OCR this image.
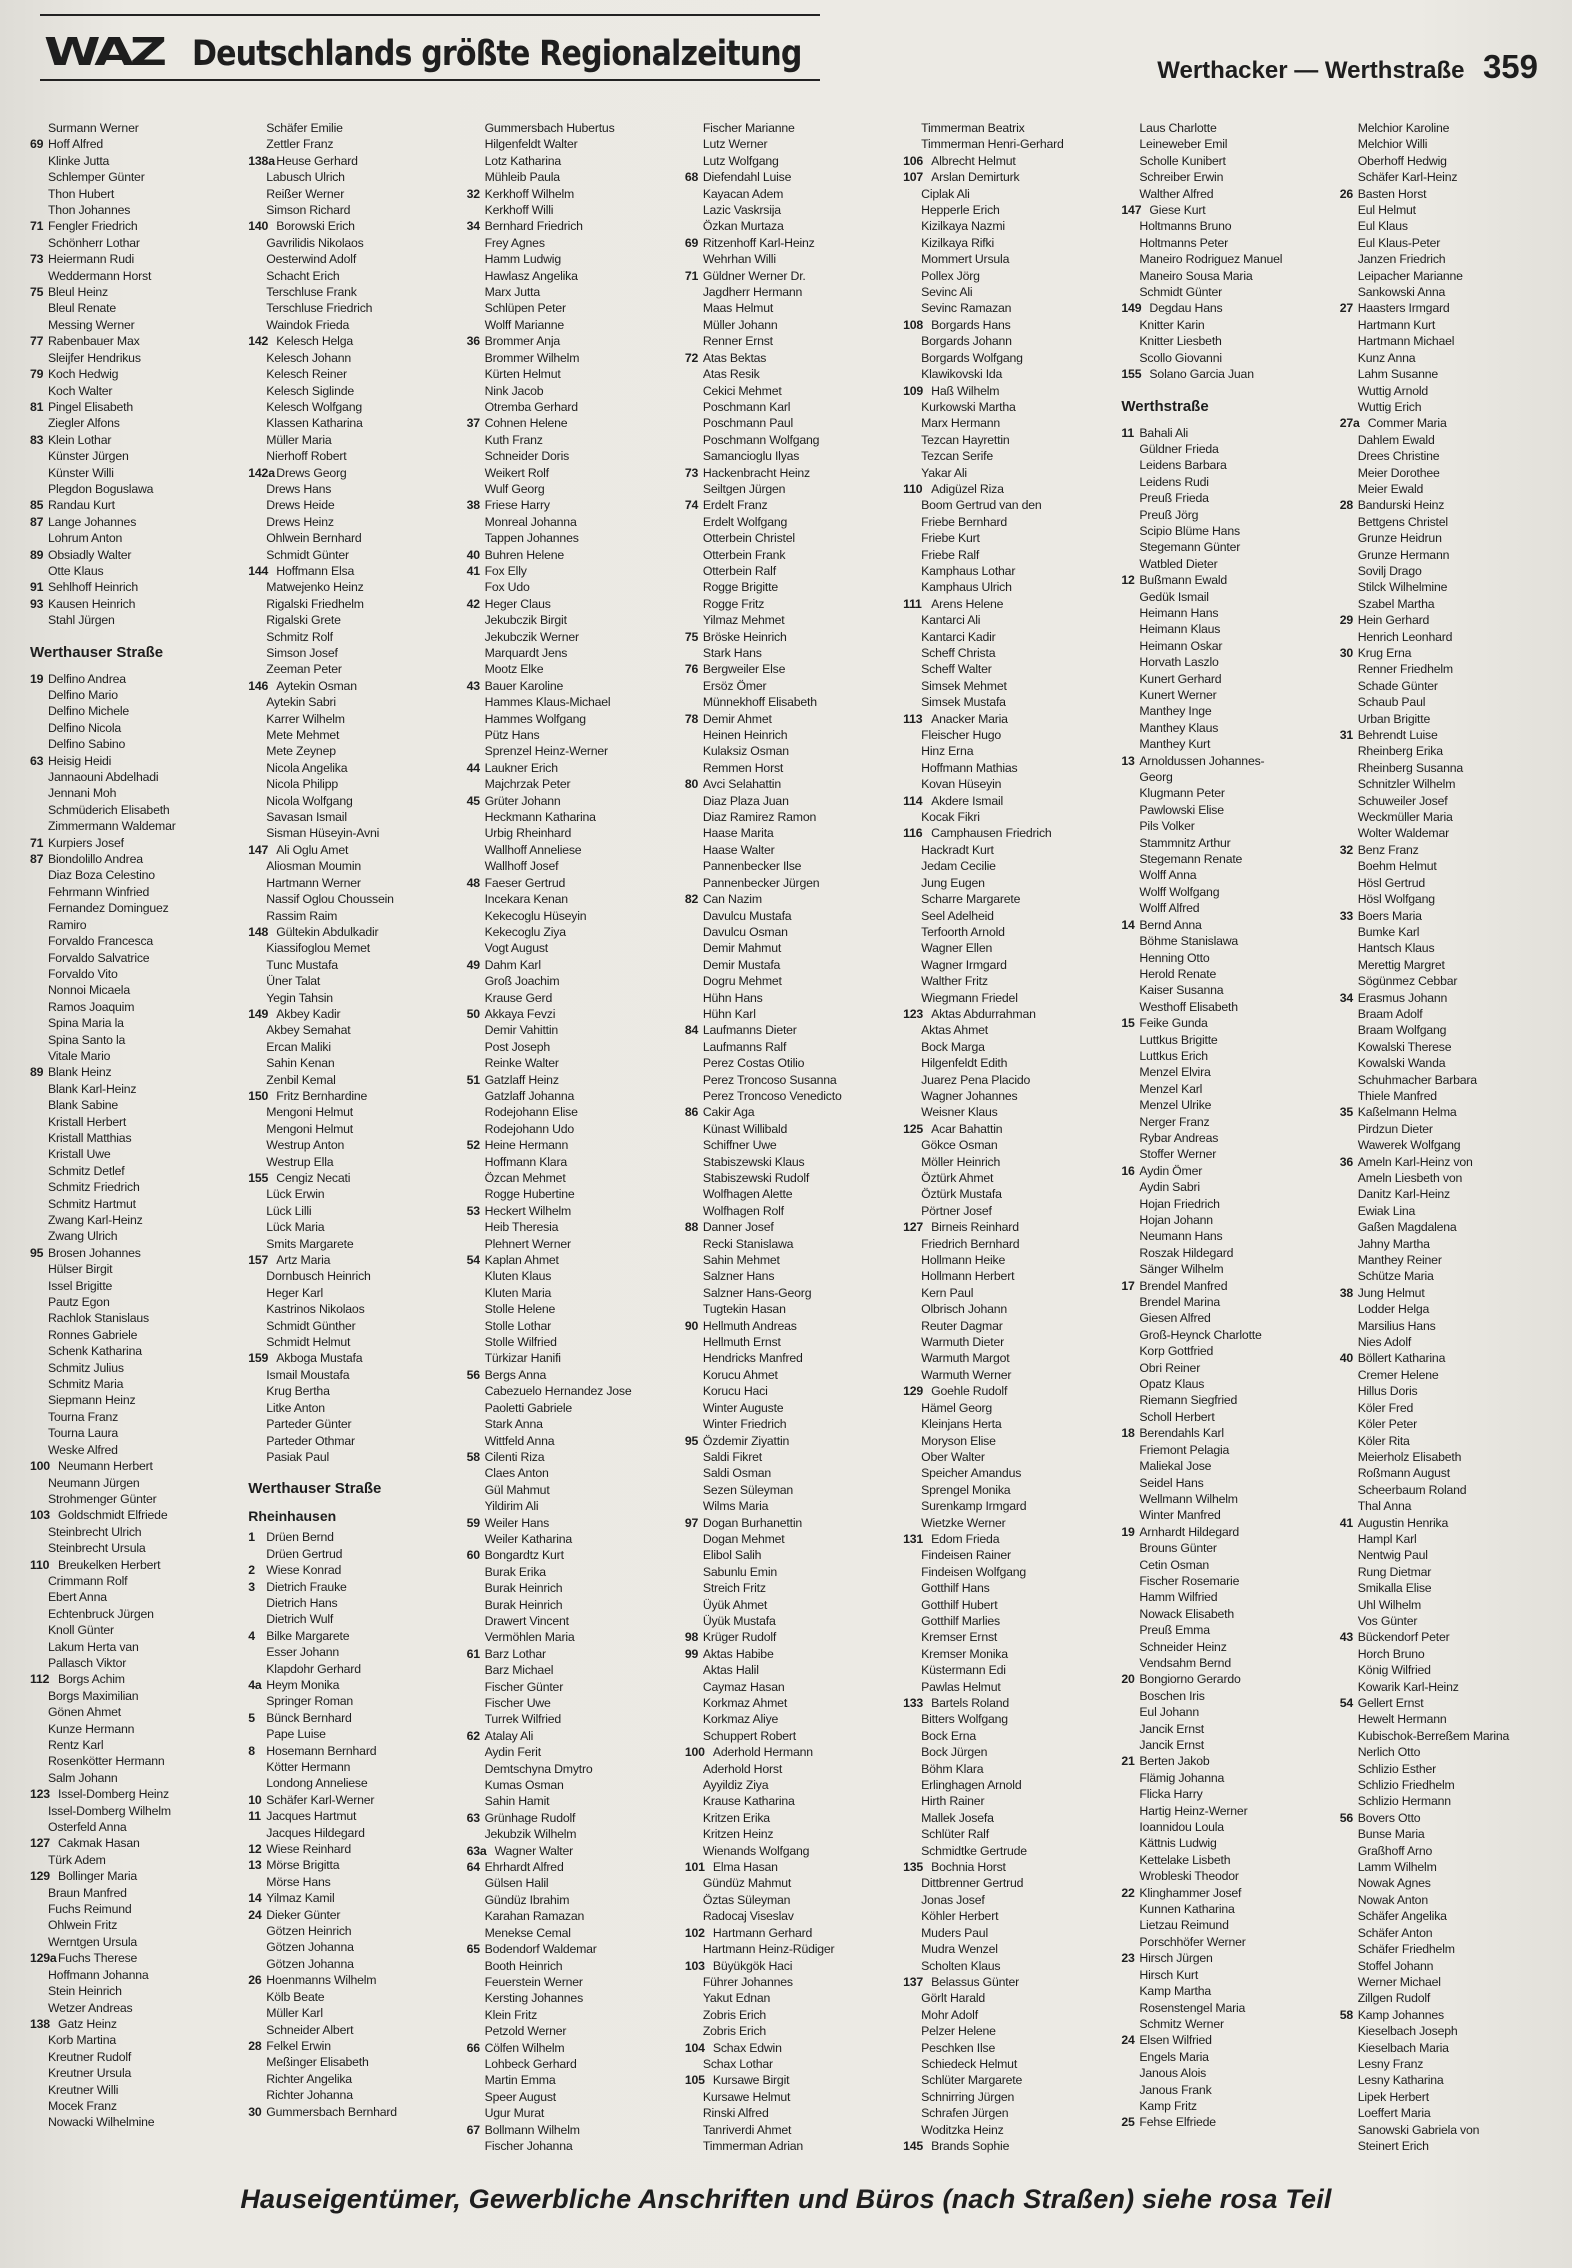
WAZ Deutschlands größte Regionalzeitung	Werthacker — Werthstraße 359
Surmann Werner
69 Hoff Alfred
Klinke Jutta
Schlemper Günter
Thon Hubert
Thon Johannes
71 Fengler Friedrich
Schönherr Lothar
73 Heiermann Rudi
Weddermann Horst
75 Bleul Heinz
Bleul Renate
Messing Werner
77 Rabenbauer Max
Sleijfer Hendrikus
79 Koch Hedwig
Koch Walter
81 Pingel Elisabeth
Ziegler Alfons
83 Klein Lothar
Künster Jürgen
Künster Willi
Plegdon Boguslawa
85 Randau Kurt
87 Lange Johannes
Lohrum Anton
89 Obsiadly Walter
Otte Klaus
91 Sehlhoff Heinrich
93 Kausen Heinrich
Stahl Jürgen
Werthauser Straße
19 Delfino Andrea
Delfino Mario
Delfino Michele
Delfino Nicola
Delfino Sabino
63 Heisig Heidi
Jannaouni Abdelhadi
Jennani Moh
Schmüderich Elisabeth
Zimmermann Waldemar
71 Kurpiers Josef
87 Biondolillo Andrea
Diaz Boza Celestino
Fehrmann Winfried
Fernandez Dominguez
Ramiro
Forvaldo Francesca
Forvaldo Salvatrice
Forvaldo Vito
Nonnoi Micaela
Ramos Joaquim
Spina Maria la
Spina Santo la
Vitale Mario
89 Blank Heinz
Blank Karl-Heinz
Blank Sabine
Kristall Herbert
Kristall Matthias
Kristall Uwe
Schmitz Detlef
Schmitz Friedrich
Schmitz Hartmut
Zwang Karl-Heinz
Zwang Ulrich
95 Brosen Johannes
Hülser Birgit
Issel Brigitte
Pautz Egon
Rachlok Stanislaus
Ronnes Gabriele
Schenk Katharina
Schmitz Julius
Schmitz Maria
Siepmann Heinz
Tourna Franz
Tourna Laura
Weske Alfred
100 Neumann Herbert
Neumann Jürgen
Strohmenger Günter
103 Goldschmidt Elfriede
Steinbrecht Ulrich
Steinbrecht Ursula
110 Breukelken Herbert
Crimmann Rolf
Ebert Anna
Echtenbruck Jürgen
Knoll Günter
Lakum Herta van
Pallasch Viktor
112 Borgs Achim
Borgs Maximilian
Gönen Ahmet
Kunze Hermann
Rentz Karl
Rosenkötter Hermann
Salm Johann
123 Issel-Domberg Heinz
Issel-Domberg Wilhelm
Osterfeld Anna
127 Cakmak Hasan
Türk Adem
129 Bollinger Maria
Braun Manfred
Fuchs Reimund
Ohlwein Fritz
Werntgen Ursula
129aFuchs Therese
Hoffmann Johanna
Stein Heinrich
Wetzer Andreas
138 Gatz Heinz
Korb Martina
Kreutner Rudolf
Kreutner Ursula
Kreutner Willi
Mocek Franz
Nowacki Wilhelmine
Schäfer Emilie
Zettler Franz
138aHeuse Gerhard
Labusch Ulrich
Reißer Werner
Simson Richard
140 Borowski Erich
Gavrilidis Nikolaos
Oesterwind Adolf
Schacht Erich
Terschluse Frank
Terschluse Friedrich
Waindok Frieda
142 Kelesch Helga
Kelesch Johann
Kelesch Reiner
Kelesch Siglinde
Kelesch Wolfgang
Klassen Katharina
Müller Maria
Nierhoff Robert
142aDrews Georg
Drews Hans
Drews Heide
Drews Heinz
Ohlwein Bernhard
Schmidt Günter
144 Hoffmann Elsa
Matwejenko Heinz
Rigalski Friedhelm
Rigalski Grete
Schmitz Rolf
Simson Josef
Zeeman Peter
146 Aytekin Osman
Aytekin Sabri
Karrer Wilhelm
Mete Mehmet
Mete Zeynep
Nicola Angelika
Nicola Philipp
Nicola Wolfgang
Savasan Ismail
Sisman Hüseyin-Avni
147 Ali Oglu Amet
Aliosman Moumin
Hartmann Werner
Nassif Oglou Choussein
Rassim Raim
148 Gültekin Abdulkadir
Kiassifoglou Memet
Tunc Mustafa
Üner Talat
Yegin Tahsin
149 Akbey Kadir
Akbey Semahat
Ercan Maliki
Sahin Kenan
Zenbil Kemal
150 Fritz Bernhardine
Mengoni Helmut
Mengoni Helmut
Westrup Anton
Westrup Ella
155 Cengiz Necati
Lück Erwin
Lück Lilli
Lück Maria
Smits Margarete
157 Artz Maria
Dornbusch Heinrich
Heger Karl
Kastrinos Nikolaos
Schmidt Günther
Schmidt Helmut
159 Akboga Mustafa
Ismail Moustafa
Krug Bertha
Litke Anton
Parteder Günter
Parteder Othmar
Pasiak Paul
Werthauser Straße
Rheinhausen
1 Drüen Bernd
Drüen Gertrud
2 Wiese Konrad
3 Dietrich Frauke
Dietrich Hans
Dietrich Wulf
4 Bilke Margarete
Esser Johann
Klapdohr Gerhard
4a Heym Monika
Springer Roman
5 Bünck Bernhard
Pape Luise
8 Hosemann Bernhard
Kötter Hermann
Londong Anneliese
10 Schäfer Karl-Werner
11 Jacques Hartmut
Jacques Hildegard
12 Wiese Reinhard
13 Mörse Brigitta
Mörse Hans
14 Yilmaz Kamil
24 Dieker Günter
Götzen Heinrich
Götzen Johanna
Götzen Johanna
26 Hoenmanns Wilhelm
Kölb Beate
Müller Karl
Schneider Albert
28 Felkel Erwin
Meßinger Elisabeth
Richter Angelika
Richter Johanna
30 Gummersbach Bernhard
Gummersbach Hubertus
Hilgenfeldt Walter
Lotz Katharina
Mühleib Paula
32 Kerkhoff Wilhelm
Kerkhoff Willi
34 Bernhard Friedrich
Frey Agnes
Hamm Ludwig
Hawlasz Angelika
Marx Jutta
Schlüpen Peter
Wolff Marianne
36 Brommer Anja
Brommer Wilhelm
Kürten Helmut
Nink Jacob
Otremba Gerhard
37 Cohnen Helene
Kuth Franz
Schneider Doris
Weikert Rolf
Wulf Georg
38 Friese Harry
Monreal Johanna
Tappen Johannes
40 Buhren Helene
41 Fox Elly
Fox Udo
42 Heger Claus
Jekubczik Birgit
Jekubczik Werner
Marquardt Jens
Mootz Elke
43 Bauer Karoline
Hammes Klaus-Michael
Hammes Wolfgang
Pütz Hans
Sprenzel Heinz-Werner
44 Laukner Erich
Majchrzak Peter
45 Grüter Johann
Heckmann Katharina
Urbig Rheinhard
Wallhoff Anneliese
Wallhoff Josef
48 Faeser Gertrud
Incekara Kenan
Kekecoglu Hüseyin
Kekecoglu Ziya
Vogt August
49 Dahm Karl
Groß Joachim
Krause Gerd
50 Akkaya Fevzi
Demir Vahittin
Post Joseph
Reinke Walter
51 Gatzlaff Heinz
Gatzlaff Johanna
Rodejohann Elise
Rodejohann Udo
52 Heine Hermann
Hoffmann Klara
Özcan Mehmet
Rogge Hubertine
53 Heckert Wilhelm
Heib Theresia
Plehnert Werner
54 Kaplan Ahmet
Kluten Klaus
Kluten Maria
Stolle Helene
Stolle Lothar
Stolle Wilfried
Türkizar Hanifi
56 Bergs Anna
Cabezuelo Hernandez Jose
Paoletti Gabriele
Stark Anna
Wittfeld Anna
58 Cilenti Riza
Claes Anton
Gül Mahmut
Yildirim Ali
59 Weiler Hans
Weiler Katharina
60 Bongardtz Kurt
Burak Erika
Burak Heinrich
Burak Heinrich
Drawert Vincent
Vermöhlen Maria
61 Barz Lothar
Barz Michael
Fischer Günter
Fischer Uwe
Turrek Wilfried
62 Atalay Ali
Aydin Ferit
Demtschyna Dmytro
Kumas Osman
Sahin Hamit
63 Grünhage Rudolf
Jekubzik Wilhelm
63a Wagner Walter
64 Ehrhardt Alfred
Gülsen Halil
Gündüz Ibrahim
Karahan Ramazan
Menekse Cemal
65 Bodendorf Waldemar
Booth Heinrich
Feuerstein Werner
Kersting Johannes
Klein Fritz
Petzold Werner
66 Cölfen Wilhelm
Lohbeck Gerhard
Martin Emma
Speer August
Ugur Murat
67 Bollmann Wilhelm
Fischer Johanna
Fischer Marianne
Lutz Werner
Lutz Wolfgang
68 Diefendahl Luise
Kayacan Adem
Lazic Vaskrsija
Özkan Murtaza
69 Ritzenhoff Karl-Heinz
Wehrhan Willi
71 Güldner Werner Dr.
Jagdherr Hermann
Maas Helmut
Müller Johann
Renner Ernst
72 Atas Bektas
Atas Resik
Cekici Mehmet
Poschmann Karl
Poschmann Paul
Poschmann Wolfgang
Samancioglu Ilyas
73 Hackenbracht Heinz
Seiltgen Jürgen
74 Erdelt Franz
Erdelt Wolfgang
Otterbein Christel
Otterbein Frank
Otterbein Ralf
Rogge Brigitte
Rogge Fritz
Yilmaz Mehmet
75 Bröske Heinrich
Stark Hans
76 Bergweiler Else
Ersöz Ömer
Münnekhoff Elisabeth
78 Demir Ahmet
Heinen Heinrich
Kulaksiz Osman
Remmen Horst
80 Avci Selahattin
Diaz Plaza Juan
Diaz Ramirez Ramon
Haase Marita
Haase Walter
Pannenbecker Ilse
Pannenbecker Jürgen
82 Can Nazim
Davulcu Mustafa
Davulcu Osman
Demir Mahmut
Demir Mustafa
Dogru Mehmet
Hühn Hans
Hühn Karl
84 Laufmanns Dieter
Laufmanns Ralf
Perez Costas Otilio
Perez Troncoso Susanna
Perez Troncoso Venedicto
86 Cakir Aga
Künast Willibald
Schiffner Uwe
Stabiszewski Klaus
Stabiszewski Rudolf
Wolfhagen Alette
Wolfhagen Rolf
88 Danner Josef
Recki Stanislawa
Sahin Mehmet
Salzner Hans
Salzner Hans-Georg
Tugtekin Hasan
90 Hellmuth Andreas
Hellmuth Ernst
Hendricks Manfred
Korucu Ahmet
Korucu Haci
Winter Auguste
Winter Friedrich
95 Özdemir Ziyattin
Saldi Fikret
Saldi Osman
Sezen Süleyman
Wilms Maria
97 Dogan Burhanettin
Dogan Mehmet
Elibol Salih
Sabunlu Emin
Streich Fritz
Üyük Ahmet
Üyük Mustafa
98 Krüger Rudolf
99 Aktas Habibe
Aktas Halil
Caymaz Hasan
Korkmaz Ahmet
Korkmaz Aliye
Schuppert Robert
100 Aderhold Hermann
Aderhold Horst
Ayyildiz Ziya
Krause Katharina
Kritzen Erika
Kritzen Heinz
Wienands Wolfgang
101 Elma Hasan
Gündüz Mahmut
Öztas Süleyman
Radocaj Viseslav
102 Hartmann Gerhard
Hartmann Heinz-Rüdiger
103 Büyükgök Haci
Führer Johannes
Yakut Ednan
Zobris Erich
Zobris Erich
104 Schax Edwin
Schax Lothar
105 Kursawe Birgit
Kursawe Helmut
Rinski Alfred
Tanriverdi Ahmet
Timmerman Adrian
Timmerman Beatrix
Timmerman Henri-Gerhard
106 Albrecht Helmut
107 Arslan Demirturk
Ciplak Ali
Hepperle Erich
Kizilkaya Nazmi
Kizilkaya Rifki
Mommert Ursula
Pollex Jörg
Sevinc Ali
Sevinc Ramazan
108 Borgards Hans
Borgards Johann
Borgards Wolfgang
Klawikovski Ida
109 Haß Wilhelm
Kurkowski Martha
Marx Hermann
Tezcan Hayrettin
Tezcan Serife
Yakar Ali
110 Adigüzel Riza
Boom Gertrud van den
Friebe Bernhard
Friebe Kurt
Friebe Ralf
Kamphaus Lothar
Kamphaus Ulrich
111 Arens Helene
Kantarci Ali
Kantarci Kadir
Scheff Christa
Scheff Walter
Simsek Mehmet
Simsek Mustafa
113 Anacker Maria
Fleischer Hugo
Hinz Erna
Hoffmann Mathias
Kovan Hüseyin
114 Akdere Ismail
Kocak Fikri
116 Camphausen Friedrich
Hackradt Kurt
Jedam Cecilie
Jung Eugen
Scharre Margarete
Seel Adelheid
Terfoorth Arnold
Wagner Ellen
Wagner Irmgard
Walther Fritz
Wiegmann Friedel
123 Aktas Abdurrahman
Aktas Ahmet
Bock Marga
Hilgenfeldt Edith
Juarez Pena Placido
Wagner Johannes
Weisner Klaus
125 Acar Bahattin
Gökce Osman
Möller Heinrich
Öztürk Ahmet
Öztürk Mustafa
Pörtner Josef
127 Birneis Reinhard
Friedrich Bernhard
Hollmann Heike
Hollmann Herbert
Kern Paul
Olbrisch Johann
Reuter Dagmar
Warmuth Dieter
Warmuth Margot
Warmuth Werner
129 Goehle Rudolf
Hämel Georg
Kleinjans Herta
Moryson Elise
Ober Walter
Speicher Amandus
Sprengel Monika
Surenkamp Irmgard
Wietzke Werner
131 Edom Frieda
Findeisen Rainer
Findeisen Wolfgang
Gotthilf Hans
Gotthilf Hubert
Gotthilf Marlies
Kremser Ernst
Kremser Monika
Küstermann Edi
Pawlas Helmut
133 Bartels Roland
Bitters Wolfgang
Bock Erna
Bock Jürgen
Böhm Klara
Erlinghagen Arnold
Hirth Rainer
Mallek Josefa
Schlüter Ralf
Schmidtke Gertrude
135 Bochnia Horst
Dittbrenner Gertrud
Jonas Josef
Köhler Herbert
Muders Paul
Mudra Wenzel
Scholten Klaus
137 Belassus Günter
Görlt Harald
Mohr Adolf
Pelzer Helene
Peschken Ilse
Schiedeck Helmut
Schlüter Margarete
Schnirring Jürgen
Schrafen Jürgen
Woditzka Heinz
145 Brands Sophie
Laus Charlotte
Leineweber Emil
Scholle Kunibert
Schreiber Erwin
Walther Alfred
147 Giese Kurt
Holtmanns Bruno
Holtmanns Peter
Maneiro Rodriguez Manuel
Maneiro Sousa Maria
Schmidt Günter
149 Degdau Hans
Knitter Karin
Knitter Liesbeth
Scollo Giovanni
155 Solano Garcia Juan
Werthstraße
11 Bahali Ali
Güldner Frieda
Leidens Barbara
Leidens Rudi
Preuß Frieda
Preuß Jörg
Scipio Blüme Hans
Stegemann Günter
Watbled Dieter
12 Bußmann Ewald
Gedük Ismail
Heimann Hans
Heimann Klaus
Heimann Oskar
Horvath Laszlo
Kunert Gerhard
Kunert Werner
Manthey Inge
Manthey Klaus
Manthey Kurt
13 Arnoldussen Johannes-
Georg
Klugmann Peter
Pawlowski Elise
Pils Volker
Stammnitz Arthur
Stegemann Renate
Wolff Anna
Wolff Wolfgang
Wolff Alfred
14 Bernd Anna
Böhme Stanislawa
Henning Otto
Herold Renate
Kaiser Susanna
Westhoff Elisabeth
15 Feike Gunda
Luttkus Brigitte
Luttkus Erich
Menzel Elvira
Menzel Karl
Menzel Ulrike
Nerger Franz
Rybar Andreas
Stoffer Werner
16 Aydin Ömer
Aydin Sabri
Hojan Friedrich
Hojan Johann
Neumann Hans
Roszak Hildegard
Sänger Wilhelm
17 Brendel Manfred
Brendel Marina
Giesen Alfred
Groß-Heynck Charlotte
Korp Gottfried
Obri Reiner
Opatz Klaus
Riemann Siegfried
Scholl Herbert
18 Berendahls Karl
Friemont Pelagia
Maliekal Jose
Seidel Hans
Wellmann Wilhelm
Winter Manfred
19 Arnhardt Hildegard
Brouns Günter
Cetin Osman
Fischer Rosemarie
Hamm Wilfried
Nowack Elisabeth
Preuß Emma
Schneider Heinz
Vendsahm Bernd
20 Bongiorno Gerardo
Boschen Iris
Eul Johann
Jancik Ernst
Jancik Ernst
21 Berten Jakob
Flämig Johanna
Flicka Harry
Hartig Heinz-Werner
Ioannidou Loula
Kättnis Ludwig
Kettelake Lisbeth
Wrobleski Theodor
22 Klinghammer Josef
Kunnen Katharina
Lietzau Reimund
Porschhöfer Werner
23 Hirsch Jürgen
Hirsch Kurt
Kamp Martha
Rosenstengel Maria
Schmitz Werner
24 Elsen Wilfried
Engels Maria
Janous Alois
Janous Frank
Kamp Fritz
25 Fehse Elfriede
Melchior Karoline
Melchior Willi
Oberhoff Hedwig
Schäfer Karl-Heinz
26 Basten Horst
Eul Helmut
Eul Klaus
Eul Klaus-Peter
Janzen Friedrich
Leipacher Marianne
Sankowski Anna
27 Haasters Irmgard
Hartmann Kurt
Hartmann Michael
Kunz Anna
Lahm Susanne
Wuttig Arnold
Wuttig Erich
27a Commer Maria
Dahlem Ewald
Drees Christine
Meier Dorothee
Meier Ewald
28 Bandurski Heinz
Bettgens Christel
Grunze Heidrun
Grunze Hermann
Sovilj Drago
Stilck Wilhelmine
Szabel Martha
29 Hein Gerhard
Henrich Leonhard
30 Krug Erna
Renner Friedhelm
Schade Günter
Schaub Paul
Urban Brigitte
31 Behrendt Luise
Rheinberg Erika
Rheinberg Susanna
Schnitzler Wilhelm
Schuweiler Josef
Weckmüller Maria
Wolter Waldemar
32 Benz Franz
Boehm Helmut
Hösl Gertrud
Hösl Wolfgang
33 Boers Maria
Bumke Karl
Hantsch Klaus
Merettig Margret
Sögünmez Cebbar
34 Erasmus Johann
Braam Adolf
Braam Wolfgang
Kowalski Therese
Kowalski Wanda
Schuhmacher Barbara
Thiele Manfred
35 Kaßelmann Helma
Pirdzun Dieter
Wawerek Wolfgang
36 Ameln Karl-Heinz von
Ameln Liesbeth von
Danitz Karl-Heinz
Ewiak Lina
Gaßen Magdalena
Jahny Martha
Manthey Reiner
Schütze Maria
38 Jung Helmut
Lodder Helga
Marsilius Hans
Nies Adolf
40 Böllert Katharina
Cremer Helene
Hillus Doris
Köler Fred
Köler Peter
Köler Rita
Meierholz Elisabeth
Roßmann August
Scheerbaum Roland
Thal Anna
41 Augustin Henrika
Hampl Karl
Nentwig Paul
Rung Dietmar
Smikalla Elise
Uhl Wilhelm
Vos Günter
43 Bückendorf Peter
Horch Bruno
König Wilfried
Kowarik Karl-Heinz
54 Gellert Ernst
Hewelt Hermann
Kubischok-Berreßem Marina
Nerlich Otto
Schlizio Esther
Schlizio Friedhelm
Schlizio Hermann
56 Bovers Otto
Bunse Maria
Graßhoff Arno
Lamm Wilhelm
Nowak Agnes
Nowak Anton
Schäfer Angelika
Schäfer Anton
Schäfer Friedhelm
Stoffel Johann
Werner Michael
Zillgen Rudolf
58 Kamp Johannes
Kieselbach Joseph
Kieselbach Maria
Lesny Franz
Lesny Katharina
Lipek Herbert
Loeffert Maria
Sanowski Gabriela von
Steinert Erich
Hauseigentümer, Gewerbliche Anschriften und Büros (nach Straßen) siehe rosa Teil
